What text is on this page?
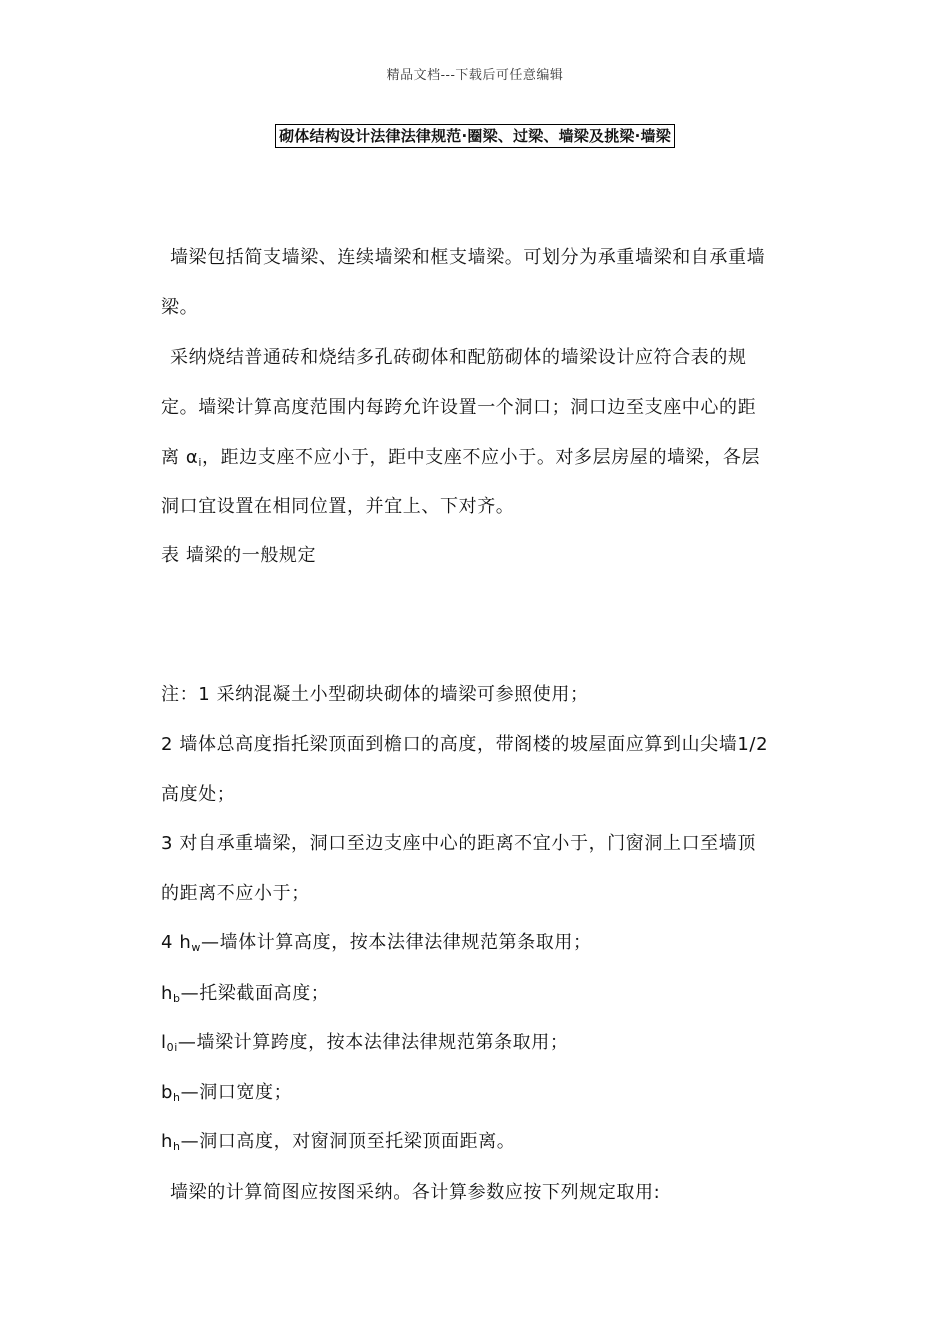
精品文档---下载后可任意编辑
砌体结构设计法律法律规范·圈梁、过梁、墙梁及挑梁·墙梁
墙梁包括简支墙梁、连续墙梁和框支墙梁。可划分为承重墙梁和自承重墙
梁。
采纳烧结普通砖和烧结多孔砖砌体和配筋砌体的墙梁设计应符合表的规
定。墙梁计算高度范围内每跨允许设置一个洞口；洞口边至支座中心的距
离 $\alpha_i$，距边支座不应小于，距中支座不应小于。对多层房屋的墙梁，各层
洞口宜设置在相同位置，并宜上、下对齐。
表 墙梁的一般规定
注：1 采纳混凝土小型砌块砌体的墙梁可参照使用；
2 墙体总高度指托梁顶面到檐口的高度，带阁楼的坡屋面应算到山尖墙1/2
高度处；
3 对自承重墙梁，洞口至边支座中心的距离不宜小于，门窗洞上口至墙顶
的距离不应小于；
4 $h_w—$墙体计算高度，按本法律法律规范第条取用；
$h_b—$托梁截面高度；
$l_{0i}—$墙梁计算跨度，按本法律法律规范第条取用；
$b_h—$洞口宽度；
$h_h—$洞口高度，对窗洞顶至托梁顶面距离。
墙梁的计算简图应按图采纳。各计算参数应按下列规定取用:
